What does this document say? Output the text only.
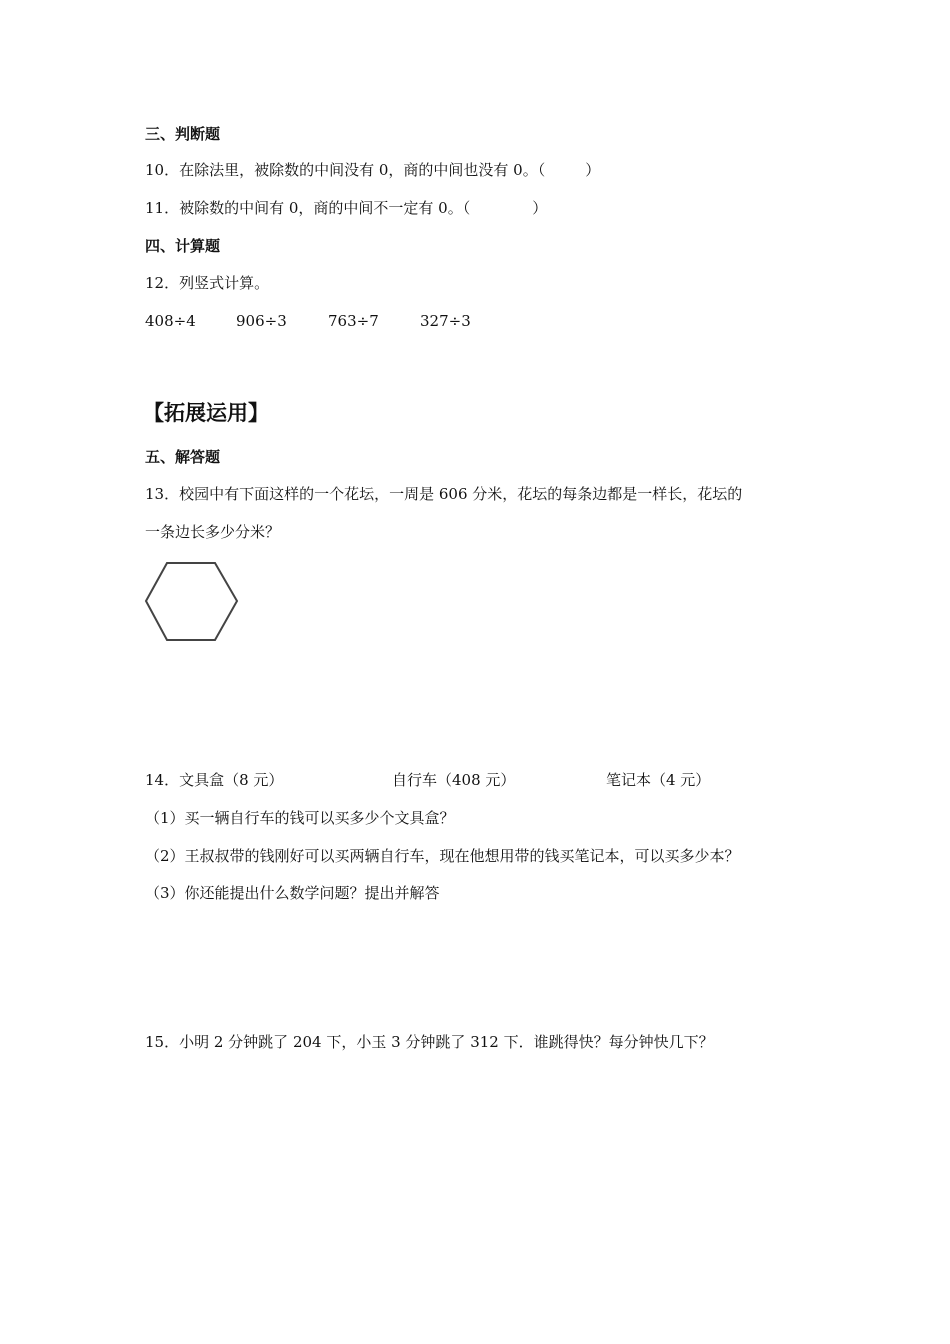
三、判断题
10．在除法里，被除数的中间没有 0，商的中间也没有 0。（	）
11．被除数的中间有 0，商的中间不一定有 0。（	）
四、计算题
12．列竖式计算。
408÷4	906÷3	763÷7	327÷3
【拓展运用】
五、解答题
13．校园中有下面这样的一个花坛，一周是 606 分米，花坛的每条边都是一样长，花坛的
一条边长多少分米？
14．文具盒（8 元）	自行车（408 元）	笔记本（4 元）
（1）买一辆自行车的钱可以买多少个文具盒？
（2）王叔叔带的钱刚好可以买两辆自行车，现在他想用带的钱买笔记本，可以买多少本？
（3）你还能提出什么数学问题？提出并解答
15．小明 2 分钟跳了 204 下，小玉 3 分钟跳了 312 下．谁跳得快？每分钟快几下？
